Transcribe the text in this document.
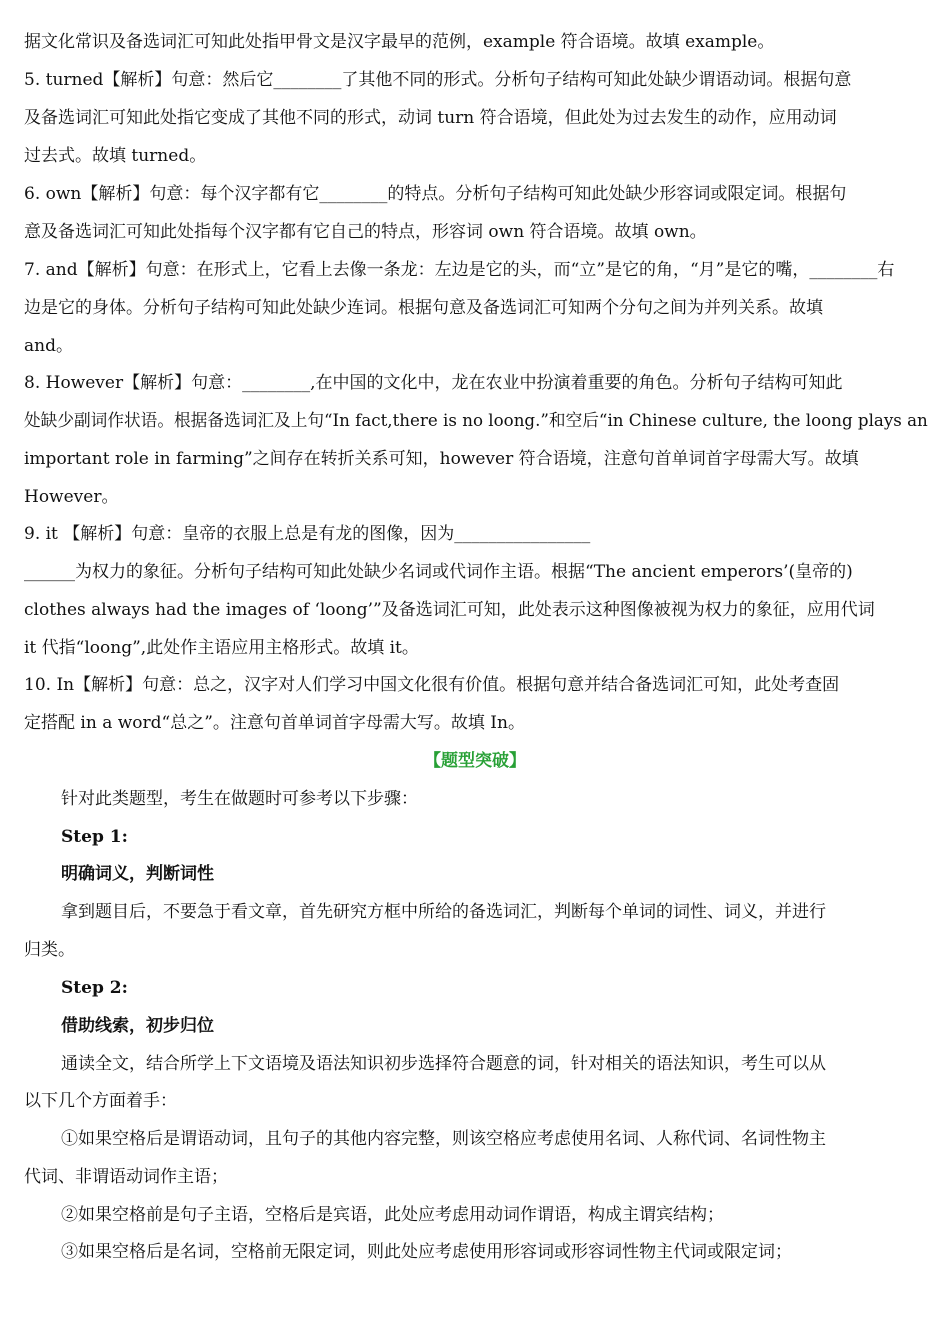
据文化常识及备选词汇可知此处指甲骨文是汉字最早的范例，example 符合语境。故填 example。
5. turned【解析】句意：然后它________了其他不同的形式。分析句子结构可知此处缺少谓语动词。根据句意
及备选词汇可知此处指它变成了其他不同的形式，动词 turn 符合语境，但此处为过去发生的动作，应用动词
过去式。故填 turned。
6. own【解析】句意：每个汉字都有它________的特点。分析句子结构可知此处缺少形容词或限定词。根据句
意及备选词汇可知此处指每个汉字都有它自己的特点，形容词 own 符合语境。故填 own。
7. and【解析】句意：在形式上，它看上去像一条龙：左边是它的头，而“立”是它的角，“月”是它的嘴，________右
边是它的身体。分析句子结构可知此处缺少连词。根据句意及备选词汇可知两个分句之间为并列关系。故填
and。
8. However【解析】句意：________,在中国的文化中，龙在农业中扮演着重要的角色。分析句子结构可知此
处缺少副词作状语。根据备选词汇及上句“In fact,there is no loong.”和空后“in Chinese culture, the loong plays an
important role in farming”之间存在转折关系可知，however 符合语境，注意句首单词首字母需大写。故填
However。
9. it 【解析】句意：皇帝的衣服上总是有龙的图像，因为________________
______为权力的象征。分析句子结构可知此处缺少名词或代词作主语。根据“The ancient emperors’(皇帝的)
clothes always had the images of ‘loong’”及备选词汇可知，此处表示这种图像被视为权力的象征，应用代词
it 代指“loong”,此处作主语应用主格形式。故填 it。
10. In【解析】句意：总之，汉字对人们学习中国文化很有价值。根据句意并结合备选词汇可知，此处考查固
定搭配 in a word“总之”。注意句首单词首字母需大写。故填 In。
【题型突破】
针对此类题型，考生在做题时可参考以下步骤：
Step 1:
明确词义，判断词性
拿到题目后，不要急于看文章，首先研究方框中所给的备选词汇，判断每个单词的词性、词义，并进行
归类。
Step 2:
借助线索，初步归位
通读全文，结合所学上下文语境及语法知识初步选择符合题意的词，针对相关的语法知识，考生可以从
以下几个方面着手：
①如果空格后是谓语动词，且句子的其他内容完整，则该空格应考虑使用名词、人称代词、名词性物主
代词、非谓语动词作主语；
②如果空格前是句子主语，空格后是宾语，此处应考虑用动词作谓语，构成主谓宾结构；
③如果空格后是名词，空格前无限定词，则此处应考虑使用形容词或形容词性物主代词或限定词；
